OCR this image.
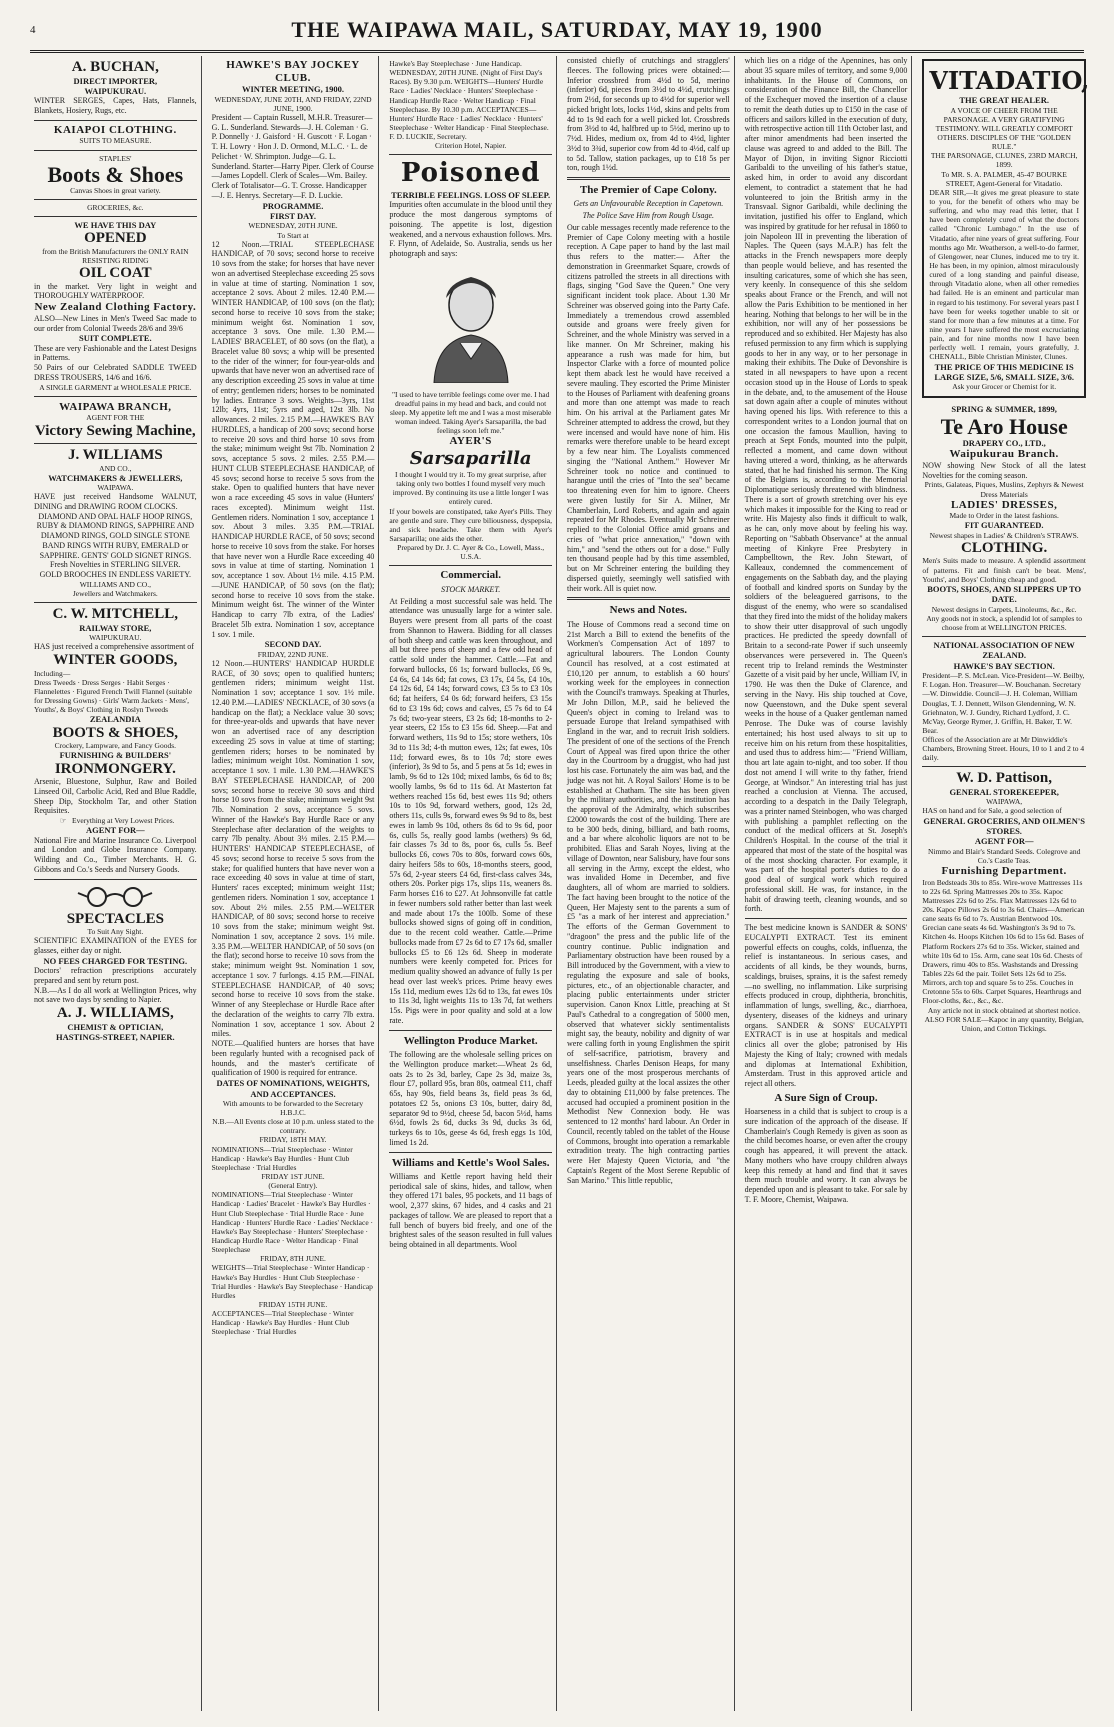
4	THE WAIPAWA MAIL, SATURDAY, MAY 19, 1900
A. BUCHAN,
DIRECT IMPORTER,
WAIPUKURAU.
WINTER SERGES, Capes, Hats, Flannels, Blankets, Hosiery, Rugs, etc.
KAIAPOI CLOTHING.
SUITS TO MEASURE.
STAPLES'
Boots & Shoes
Canvas Shoes in great variety.
GROCERIES, &c.
WE HAVE THIS DAY
OPENED
from the British Manufacturers the ONLY RAIN RESISTING RIDING
OIL COAT
in the market. Very light in weight and THOROUGHLY WATERPROOF.
New Zealand Clothing Factory.
ALSO—New Lines in Men's Tweed Sac made to our order from Colonial Tweeds 28/6 and 39/6
SUIT COMPLETE.
These are very Fashionable and the Latest Designs in Patterns.
50 Pairs of our Celebrated SADDLE TWEED DRESS TROUSERS, 14/6 and 16/6.
A SINGLE GARMENT at WHOLESALE PRICE.
WAIPAWA BRANCH,
AGENT FOR THE
Victory Sewing Machine,
J. WILLIAMS
AND CO.,
WATCHMAKERS & JEWELLERS,
WAIPAWA.
HAVE just received Handsome WALNUT, DINING and DRAWING ROOM CLOCKS.
DIAMOND AND OPAL HALF HOOP RINGS, RUBY & DIAMOND RINGS, SAPPHIRE AND DIAMOND RINGS, GOLD SINGLE STONE BAND RINGS WITH RUBY, EMERALD or SAPPHIRE. GENTS' GOLD SIGNET RINGS.
Fresh Novelties in STERLING SILVER.
GOLD BROOCHES IN ENDLESS VARIETY.
WILLIAMS AND CO.,
Jewellers and Watchmakers.
C. W. MITCHELL,
RAILWAY STORE,
WAIPUKURAU.
HAS just received a comprehensive assortment of
WINTER GOODS,
Including—
Dress Tweeds · Dress Serges · Habit Serges · Flannelettes · Figured French Twill Flannel (suitable for Dressing Gowns) · Girls' Warm Jackets · Mens', Youths', & Boys' Clothing in Roslyn Tweeds
ZEALANDIA
BOOTS & SHOES,
Crockery, Lampware, and Fancy Goods.
FURNISHING & BUILDERS'
IRONMONGERY.
Arsenic, Bluestone, Sulphur, Raw and Boiled Linseed Oil, Carbolic Acid, Red and Blue Raddle, Sheep Dip, Stockholm Tar, and other Station Requisites.
☞ Everything at Very Lowest Prices.
AGENT FOR—
National Fire and Marine Insurance Co. Liverpool and London and Globe Insurance Company. Wilding and Co., Timber Merchants. H. G. Gibbons and Co.'s Seeds and Nursery Goods.
SPECTACLES
To Suit Any Sight.
SCIENTIFIC EXAMINATION of the EYES for glasses, either day or night.
NO FEES CHARGED FOR TESTING.
Doctors' refraction prescriptions accurately prepared and sent by return post.
N.B.—As I do all work at Wellington Prices, why not save two days by sending to Napier.
A. J. WILLIAMS,
CHEMIST & OPTICIAN,
HASTINGS-STREET, NAPIER.
HAWKE'S BAY JOCKEY CLUB.
WINTER MEETING, 1900.
WEDNESDAY, JUNE 20TH, AND FRIDAY, 22ND JUNE, 1900.
President — Captain Russell, M.H.R. Treasurer—G. L. Sunderland. Stewards—J. H. Coleman · G. P. Donnelly · J. Gaisford · H. Guscott · F. Logan · T. H. Lowry · Hon J. D. Ormond, M.L.C. · L. de Pelichet · W. Shrimpton. Judge—G. L. Sunderland. Starter—Harry Piper. Clerk of Course—James Lopdell. Clerk of Scales—Wm. Bailey. Clerk of Totalisator—G. T. Crosse. Handicapper—J. E. Henrys. Secretary—F. D. Luckie.
PROGRAMME.
FIRST DAY.
WEDNESDAY, 20TH JUNE.
To Start at
12 Noon.—TRIAL STEEPLECHASE HANDICAP, of 70 sovs; second horse to receive 10 sovs from the stake; for horses that have never won an advertised Steeplechase exceeding 25 sovs in value at time of starting. Nomination 1 sov, acceptance 2 sovs. About 2 miles. 12.40 P.M.—WINTER HANDICAP, of 100 sovs (on the flat); second horse to receive 10 sovs from the stake; minimum weight 6st. Nomination 1 sov, acceptance 3 sovs. One mile. 1.30 P.M.—LADIES' BRACELET, of 80 sovs (on the flat), a Bracelet value 80 sovs; a whip will be presented to the rider of the winner; for four-year-olds and upwards that have never won an advertised race of any description exceeding 25 sovs in value at time of entry; gentlemen riders; horses to be nominated by ladies. Entrance 3 sovs. Weights—3yrs, 11st 12lb; 4yrs, 11st; 5yrs and aged, 12st 3lb. No allowances. 2 miles. 2.15 P.M.—HAWKE'S BAY HURDLES, a handicap of 200 sovs; second horse to receive 20 sovs and third horse 10 sovs from the stake; minimum weight 9st 7lb. Nomination 2 sovs, acceptance 5 sovs. 2 miles. 2.55 P.M.—HUNT CLUB STEEPLECHASE HANDICAP, of 45 sovs; second horse to receive 5 sovs from the stake. Open to qualified hunters that have never won a race exceeding 45 sovs in value (Hunters' races excepted). Minimum weight 11st. Gentlemen riders. Nomination 1 sov, acceptance 1 sov. About 3 miles. 3.35 P.M.—TRIAL HANDICAP HURDLE RACE, of 50 sovs; second horse to receive 10 sovs from the stake. For horses that have never won a Hurdle Race exceeding 40 sovs in value at time of starting. Nomination 1 sov, acceptance 1 sov. About 1½ mile. 4.15 P.M.—JUNE HANDICAP, of 50 sovs (on the flat); second horse to receive 10 sovs from the stake. Minimum weight 6st. The winner of the Winter Handicap to carry 7lb extra, of the Ladies' Bracelet 5lb extra. Nomination 1 sov, acceptance 1 sov. 1 mile.
SECOND DAY.
FRIDAY, 22ND JUNE.
12 Noon.—HUNTERS' HANDICAP HURDLE RACE, of 30 sovs; open to qualified hunters; gentlemen riders; minimum weight 11st. Nomination 1 sov; acceptance 1 sov. 1½ mile. 12.40 P.M.—LADIES' NECKLACE, of 30 sovs (a handicap on the flat); a Necklace value 30 sovs; for three-year-olds and upwards that have never won an advertised race of any description exceeding 25 sovs in value at time of starting; gentlemen riders; horses to be nominated by ladies; minimum weight 10st. Nomination 1 sov, acceptance 1 sov. 1 mile. 1.30 P.M.—HAWKE'S BAY STEEPLECHASE HANDICAP, of 200 sovs; second horse to receive 30 sovs and third horse 10 sovs from the stake; minimum weight 9st 7lb. Nomination 2 sovs, acceptance 5 sovs. Winner of the Hawke's Bay Hurdle Race or any Steeplechase after declaration of the weights to carry 7lb penalty. About 3½ miles. 2.15 P.M.—HUNTERS' HANDICAP STEEPLECHASE, of 45 sovs; second horse to receive 5 sovs from the stake; for qualified hunters that have never won a race exceeding 40 sovs in value at time of start, Hunters' races excepted; minimum weight 11st; gentlemen riders. Nomination 1 sov, acceptance 1 sov. About 2½ miles. 2.55 P.M.—WELTER HANDICAP, of 80 sovs; second horse to receive 10 sovs from the stake; minimum weight 9st. Nomination 1 sov, acceptance 2 sovs. 1½ mile. 3.35 P.M.—WELTER HANDICAP, of 50 sovs (on the flat); second horse to receive 10 sovs from the stake; minimum weight 9st. Nomination 1 sov, acceptance 1 sov. 7 furlongs. 4.15 P.M.—FINAL STEEPLECHASE HANDICAP, of 40 sovs; second horse to receive 10 sovs from the stake. Winner of any Steeplechase or Hurdle Race after the declaration of the weights to carry 7lb extra. Nomination 1 sov, acceptance 1 sov. About 2 miles.
NOTE.—Qualified hunters are horses that have been regularly hunted with a recognised pack of hounds, and the master's certificate of qualification of 1900 is required for entrance.
DATES OF NOMINATIONS, WEIGHTS, AND ACCEPTANCES.
With amounts to be forwarded to the Secretary H.B.J.C.
N.B.—All Events close at 10 p.m. unless stated to the contrary.
FRIDAY, 18TH MAY.
NOMINATIONS—Trial Steeplechase · Winter Handicap · Hawke's Bay Hurdles · Hunt Club Steeplechase · Trial Hurdles
FRIDAY 1ST JUNE.
(General Entry).
NOMINATIONS—Trial Steeplechase · Winter Handicap · Ladies' Bracelet · Hawke's Bay Hurdles · Hunt Club Steeplechase · Trial Hurdle Race · June Handicap · Hunters' Hurdle Race · Ladies' Necklace · Hawke's Bay Steeplechase · Hunters' Steeplechase · Handicap Hurdle Race · Welter Handicap · Final Steeplechase
FRIDAY, 8TH JUNE.
WEIGHTS—Trial Steeplechase · Winter Handicap · Hawke's Bay Hurdles · Hunt Club Steeplechase · Trial Hurdles · Hawke's Bay Steeplechase · Handicap Hurdles
FRIDAY 15TH JUNE.
ACCEPTANCES—Trial Steeplechase · Winter Handicap · Hawke's Bay Hurdles · Hunt Club Steeplechase · Trial Hurdles
Hawke's Bay Steeplechase · June Handicap. WEDNESDAY, 20TH JUNE. (Night of First Day's Races). By 9.30 p.m. WEIGHTS—Hunters' Hurdle Race · Ladies' Necklace · Hunters' Steeplechase · Handicap Hurdle Race · Welter Handicap · Final Steeplechase. By 10.30 p.m. ACCEPTANCES—Hunters' Hurdle Race · Ladies' Necklace · Hunters' Steeplechase · Welter Handicap · Final Steeplechase. F. D. LUCKIE, Secretary.
Criterion Hotel, Napier.
Poisoned
TERRIBLE FEELINGS. LOSS OF SLEEP.
Impurities often accumulate in the blood until they produce the most dangerous symptoms of poisoning. The appetite is lost, digestion weakened, and a nervous exhaustion follows. Mrs. F. Flynn, of Adelaide, So. Australia, sends us her photograph and says:
"I used to have terrible feelings come over me. I had dreadful pains in my head and back, and could not sleep. My appetite left me and I was a most miserable woman indeed. Taking Ayer's Sarsaparilla, the bad feelings soon left me."
AYER'S
Sarsaparilla
I thought I would try it. To my great surprise, after taking only two bottles I found myself very much improved. By continuing its use a little longer I was entirely cured.
If your bowels are constipated, take Ayer's Pills. They are gentle and sure. They cure biliousness, dyspepsia, and sick headache. Take them with Ayer's Sarsaparilla; one aids the other.
Prepared by Dr. J. C. Ayer & Co., Lowell, Mass., U.S.A.
Commercial.
STOCK MARKET.
At Feilding a most successful sale was held. The attendance was unusually large for a winter sale. Buyers were present from all parts of the coast from Shannon to Hawera. Bidding for all classes of both sheep and cattle was keen throughout, and all but three pens of sheep and a few odd head of cattle sold under the hammer. Cattle.—Fat and forward bullocks, £6 1s; forward bullocks, £6 9s, £4 6s, £4 14s 6d; fat cows, £3 17s, £4 5s, £4 10s, £4 12s 6d, £4 14s; forward cows, £3 5s to £3 10s 6d; fat heifers, £4 0s 6d; forward heifers, £3 15s 6d to £3 19s 6d; cows and calves, £5 7s 6d to £4 7s 6d; two-year steers, £3 2s 6d; 18-months to 2-year steers, £2 15s to £3 15s 6d. Sheep.—Fat and forward wethers, 11s 9d to 15s; store wethers, 10s 3d to 11s 3d; 4-th mutton ewes, 12s; fat ewes, 10s 11d; forward ewes, 8s to 10s 7d; store ewes (inferior), 3s 9d to 5s, and 5 pens at 5s 1d; ewes in lamb, 9s 6d to 12s 10d; mixed lambs, 6s 6d to 8s; woolly lambs, 9s 6d to 11s 6d. At Masterton fat wethers reached 15s 6d, best ewes 11s 9d; others 10s to 10s 9d, forward wethers, good, 12s 2d, others 11s, culls 9s, forward ewes 9s 9d to 8s, best ewes in lamb 9s 10d, others 8s 6d to 9s 6d, poor 6s, culls 5s, really good lambs (wethers) 9s 6d, fair classes 7s 3d to 8s, poor 6s, culls 5s. Beef bullocks £6, cows 70s to 80s, forward cows 60s, dairy heifers 58s to 60s, 18-months steers, good, 57s 6d, 2-year steers £4 6d, first-class calves 34s, others 20s. Porker pigs 17s, slips 11s, weaners 8s. Farm horses £16 to £27. At Johnsonville fat cattle in fewer numbers sold rather better than last week and made about 17s the 100lb. Some of these bullocks showed signs of going off in condition, due to the recent cold weather. Cattle.—Prime bullocks made from £7 2s 6d to £7 17s 6d, smaller bullocks £5 to £6 12s 6d. Sheep in moderate numbers were keenly competed for. Prices for medium quality showed an advance of fully 1s per head over last week's prices. Prime heavy ewes 15s 11d, medium ewes 12s 6d to 13s, fat ewes 10s to 11s 3d, light weights 11s to 13s 7d, fat wethers 15s. Pigs were in poor quality and sold at a low rate.
Wellington Produce Market.
The following are the wholesale selling prices on the Wellington produce market:—Wheat 2s 6d, oats 2s to 2s 3d, barley, Cape 2s 3d, maize 3s, flour £7, pollard 95s, bran 80s, oatmeal £11, chaff 65s, hay 90s, field beans 3s, field peas 3s 6d, potatoes £2 5s, onions £3 10s, butter, dairy 8d, separator 9d to 9½d, cheese 5d, bacon 5½d, hams 6½d, fowls 2s 6d, ducks 3s 9d, ducks 3s 6d, turkeys 6s to 10s, geese 4s 6d, fresh eggs 1s 10d, limed 1s 2d.
Williams and Kettle's Wool Sales.
Williams and Kettle report having held their periodical sale of skins, hides, and tallow, when they offered 171 bales, 95 pockets, and 11 bags of wool, 2,377 skins, 67 hides, and 4 casks and 21 packages of tallow. We are pleased to report that a full bench of buyers bid freely, and one of the brightest sales of the season resulted in full values being obtained in all departments. Wool
consisted chiefly of crutchings and stragglers' fleeces. The following prices were obtained:—Inferior crossbred from 4½d to 5d, merino (inferior) 6d, pieces from 3½d to 4½d, crutchings from 2½d, for seconds up to 4½d for superior well picked bright lots, locks 1½d, skins and pelts from 4d to 1s 9d each for a well picked lot. Crossbreds from 3½d to 4d, halfbred up to 5½d, merino up to 7½d. Hides, medium ox, from 4d to 4½d, lighter 3½d to 3¾d, superior cow from 4d to 4½d, calf up to 5d. Tallow, station packages, up to £18 5s per ton, rough 1½d.
The Premier of Cape Colony.
Gets an Unfavourable Reception in Capetown.
The Police Save Him from Rough Usage.
Our cable messages recently made reference to the Premier of Cape Colony meeting with a hostile reception. A Cape paper to hand by the last mail thus refers to the matter:— After the demonstration in Greenmarket Square, crowds of citizens patrolled the streets in all directions with flags, singing "God Save the Queen." One very significant incident took place. About 1.30 Mr Schreiner was observed going into the Party Cafe. Immediately a tremendous crowd assembled outside and groans were freely given for Schreiner, and the whole Ministry was served in a like manner. On Mr Schreiner, making his appearance a rush was made for him, but Inspector Clarke with a force of mounted police kept them aback lest he would have received a severe mauling. They escorted the Prime Minister to the Houses of Parliament with deafening groans and more than one attempt was made to reach him. On his arrival at the Parliament gates Mr Schreiner attempted to address the crowd, but they were incensed and would have none of him. His remarks were therefore unable to be heard except by a few near him. The Loyalists commenced singing the "National Anthem." However Mr Schreiner took no notice and continued to harangue until the cries of "Into the sea" became too threatening even for him to ignore. Cheers were given lustily for Sir A. Milner, Mr Chamberlain, Lord Roberts, and again and again repeated for Mr Rhodes. Eventually Mr Schreiner replied to the Colonial Office amid groans and cries of "what price annexation," "down with him," and "send the others out for a dose." Fully ten thousand people had by this time assembled, but on Mr Schreiner entering the building they dispersed quietly, seemingly well satisfied with their work. All is quiet now.
News and Notes.
The House of Commons read a second time on 21st March a Bill to extend the benefits of the Workmen's Compensation Act of 1897 to agricultural labourers. The London County Council has resolved, at a cost estimated at £10,120 per annum, to establish a 60 hours' working week for the employees in connection with the Council's tramways. Speaking at Thurles, Mr John Dillon, M.P., said he believed the Queen's object in coming to Ireland was to persuade Europe that Ireland sympathised with England in the war, and to recruit Irish soldiers. The president of one of the sections of the French Court of Appeal was fired upon thrice the other day in the Courtroom by a druggist, who had just lost his case. Fortunately the aim was bad, and the judge was not hit. A Royal Sailors' Home is to be established at Chatham. The site has been given by the military authorities, and the institution has the approval of the Admiralty, which subscribes £2000 towards the cost of the building. There are to be 300 beds, dining, billiard, and bath rooms, and a bar where alcoholic liquors are not to be prohibited. Elias and Sarah Noyes, living at the village of Downton, near Salisbury, have four sons all serving in the Army, except the eldest, who was invalided Home in December, and five daughters, all of whom are married to soldiers. The fact having been brought to the notice of the Queen, Her Majesty sent to the parents a sum of £5 "as a mark of her interest and appreciation." The efforts of the German Government to "dragoon" the press and the public life of the country continue. Public indignation and Parliamentary obstruction have been roused by a Bill introduced by the Government, with a view to regulating the exposure and sale of books, pictures, etc., of an objectionable character, and placing public entertainments under stricter supervision. Canon Knox Little, preaching at St Paul's Cathedral to a congregation of 5000 men, observed that whatever sickly sentimentalists might say, the beauty, nobility and dignity of war were calling forth in young Englishmen the spirit of self-sacrifice, patriotism, bravery and unselfishness. Charles Denison Heaps, for many years one of the most prosperous merchants of Leeds, pleaded guilty at the local assizes the other day to obtaining £11,000 by false pretences. The accused had occupied a prominent position in the Methodist New Connexion body. He was sentenced to 12 months' hard labour. An Order in Council, recently tabled on the tablet of the House of Commons, brought into operation a remarkable extradition treaty. The high contracting parties were Her Majesty Queen Victoria, and "the Captain's Regent of the Most Serene Republic of San Marino." This little republic,
which lies on a ridge of the Apennines, has only about 35 square miles of territory, and some 9,000 inhabitants. In the House of Commons, on consideration of the Finance Bill, the Chancellor of the Exchequer moved the insertion of a clause to remit the death duties up to £150 in the case of officers and sailors killed in the execution of duty, with retrospective action till 11th October last, and after minor amendments had been inserted the clause was agreed to and added to the Bill. The Mayor of Dijon, in inviting Signor Ricciotti Garibaldi to the unveiling of his father's statue, asked him, in order to avoid any discordant element, to contradict a statement that he had volunteered to join the British army in the Transvaal. Signor Garibaldi, while declining the invitation, justified his offer to England, which was inspired by gratitude for her refusal in 1860 to join Napoleon III in preventing the liberation of Naples. The Queen (says M.A.P.) has felt the attacks in the French newspapers more deeply than people would believe, and has resented the insulting caricatures, some of which she has seen, very keenly. In consequence of this she seldom speaks about France or the French, and will not allow the Paris Exhibition to be mentioned in her hearing. Nothing that belongs to her will be in the exhibition, nor will any of her possessions be reproduced and so exhibited. Her Majesty has also refused permission to any firm which is supplying goods to her in any way, or to her personage in making their exhibits. The Duke of Devonshire is stated in all newspapers to have upon a recent occasion stood up in the House of Lords to speak in the debate, and, to the amusement of the House sat down again after a couple of minutes without having opened his lips. With reference to this a correspondent writes to a London journal that on one occasion the famous Maullion, having to preach at Sept Fonds, mounted into the pulpit, reflected a moment, and came down without having uttered a word, thinking, as he afterwards stated, that he had finished his sermon. The King of the Belgians is, according to the Memorial Diplomatique seriously threatened with blindness. There is a sort of growth stretching over his eye which makes it impossible for the King to read or write. His Majesty also finds it difficult to walk, as he can, only move about by feeling his way. Reporting on "Sabbath Observance" at the annual meeting of Kinkyre Free Presbytery in Campbelltown, the Rev. John Stewart, of Kalleaux, condemned the commencement of engagements on the Sabbath day, and the playing of football and kindred sports on Sunday by the soldiers of the beleaguered garrisons, to the disgust of the enemy, who were so scandalised that they fired into the midst of the holiday makers to show their utter disapproval of such ungodly practices. He predicted the speedy downfall of Britain to a second-rate Power if such unseemly observances were persevered in. The Queen's recent trip to Ireland reminds the Westminster Gazette of a visit paid by her uncle, William IV, in 1790. He was then the Duke of Clarence, and serving in the Navy. His ship touched at Cove, now Queenstown, and the Duke spent several weeks in the house of a Quaker gentleman named Penrose. The Duke was of course lavishly entertained; his host used always to sit up to receive him on his return from these hospitalities, and used thus to address him:— "Friend William, thou art late again to-night, and too sober. If thou dost not amend I will write to thy father, friend George, at Windsor." An interesting trial has just reached a conclusion at Vienna. The accused, according to a despatch in the Daily Telegraph, was a printer named Steinbogen, who was charged with publishing a pamphlet reflecting on the conduct of the medical officers at St. Joseph's Children's Hospital. In the course of the trial it appeared that most of the state of the hospital was of the most shocking character. For example, it was part of the hospital porter's duties to do a good deal of surgical work which required professional skill. He was, for instance, in the habit of drawing teeth, cleaning wounds, and so forth.
The best medicine known is SANDER & SONS' EUCALYPTI EXTRACT. Test its eminent powerful effects on coughs, colds, influenza, the relief is instantaneous. In serious cases, and accidents of all kinds, be they wounds, burns, scaldings, bruises, sprains, it is the safest remedy—no swelling, no inflammation. Like surprising effects produced in croup, diphtheria, bronchitis, inflammation of lungs, swelling, &c., diarrhoea, dysentery, diseases of the kidneys and urinary organs. SANDER & SONS' EUCALYPTI EXTRACT is in use at hospitals and medical clinics all over the globe; patronised by His Majesty the King of Italy; crowned with medals and diplomas at International Exhibition, Amsterdam. Trust in this approved article and reject all others.
A Sure Sign of Croup.
Hoarseness in a child that is subject to croup is a sure indication of the approach of the disease. If Chamberlain's Cough Remedy is given as soon as the child becomes hoarse, or even after the croupy cough has appeared, it will prevent the attack. Many mothers who have croupy children always keep this remedy at hand and find that it saves them much trouble and worry. It can always be depended upon and is pleasant to take. For sale by T. F. Moore, Chemist, Waipawa.
VITADATIO,
THE GREAT HEALER.
A VOICE OF CHEER FROM THE PARSONAGE. A VERY GRATIFYING TESTIMONY. WILL GREATLY COMFORT OTHERS. DISCIPLES OF THE "GOLDEN RULE."
THE PARSONAGE, CLUNES, 23RD MARCH, 1899.
To MR. S. A. PALMER, 45-47 BOURKE STREET, Agent-General for Vitadatio.
DEAR SIR,—It gives me great pleasure to state to you, for the benefit of others who may be suffering, and who may read this letter, that I have been completely cured of what the doctors called "Chronic Lumbago." In the use of Vitadatio, after nine years of great suffering. Four months ago Mr. Weatherson, a well-to-do farmer, of Glengower, near Clunes, induced me to try it. He has been, in my opinion, almost miraculously cured of a long standing and painful disease, through Vitadatio alone, when all other remedies had failed. He is an eminent and particular man in regard to his testimony. For several years past I have been for weeks together unable to sit or stand for more than a few minutes at a time. For nine years I have suffered the most excruciating pain, and for nine months now I have been perfectly well. I remain, yours gratefully, J. CHENALL, Bible Christian Minister, Clunes.
THE PRICE OF THIS MEDICINE IS LARGE SIZE, 5/6, SMALL SIZE, 3/6.
Ask your Grocer or Chemist for it.
SPRING & SUMMER, 1899,
Te Aro House
DRAPERY CO., LTD.,
Waipukurau Branch.
NOW showing New Stock of all the latest Novelties for the coming season.
Prints, Galateas, Piques, Muslins, Zephyrs & Newest Dress Materials
LADIES' DRESSES,
Made to Order in the latest fashions.
FIT GUARANTEED.
Newest shapes in Ladies' & Children's STRAWS.
CLOTHING.
Men's Suits made to measure. A splendid assortment of patterns. Fit and finish can't be beat. Mens', Youths', and Boys' Clothing cheap and good.
BOOTS, SHOES, AND SLIPPERS UP TO DATE.
Newest designs in Carpets, Linoleums, &c., &c.
Any goods not in stock, a splendid lot of samples to choose from at WELLINGTON PRICES.
NATIONAL ASSOCIATION OF NEW ZEALAND.
HAWKE'S BAY SECTION.
President—P. S. McLean. Vice-President—W. Beilby, F. Logan. Hon. Treasurer—W. Bouchanan. Secretary—W. Dinwiddie. Council—J. H. Coleman, William Douglas, T. J. Dennett, Wilson Glendenning, W. N. Griehnaton, W. J. Gundry, Richard Lydford, J. C. McVay, George Rymer, J. Griffin, H. Baker, T. W. Bear.
Offices of the Association are at Mr Dinwiddie's Chambers, Browning Street. Hours, 10 to 1 and 2 to 4 daily.
W. D. Pattison,
GENERAL STOREKEEPER,
WAIPAWA,
HAS on hand and for Sale, a good selection of
GENERAL GROCERIES, AND OILMEN'S STORES.
AGENT FOR—
Nimmo and Blair's Standard Seeds. Colegrove and Co.'s Castle Teas.
Furnishing Department.
Iron Bedsteads 30s to 85s. Wire-wove Mattresses 11s to 22s 6d. Spring Mattresses 20s to 35s. Kapoc Mattresses 22s 6d to 25s. Flax Mattresses 12s 6d to 20s. Kapoc Pillows 2s 6d to 3s 6d. Chairs—American cane seats 6s 6d to 7s. Austrian Bentwood 10s. Grecian cane seats 4s 6d. Washington's 3s 9d to 7s. Kitchen 4s. Hoops Kitchen 10s 6d to 15s 6d. Bases of Platform Rockers 27s 6d to 35s. Wicker, stained and white 10s 6d to 15s. Arm, cane seat 10s 6d. Chests of Drawers, rimu 40s to 85s. Washstands and Dressing Tables 22s 6d the pair. Toilet Sets 12s 6d to 25s. Mirrors, arch top and square 5s to 25s. Couches in Cretonne 55s to 60s. Carpet Squares, Hearthrugs and Floor-cloths, &c., &c., &c.
Any article not in stock obtained at shortest notice.
ALSO FOR SALE—Kapoc in any quantity, Belgian, Union, and Cotton Tickings.
